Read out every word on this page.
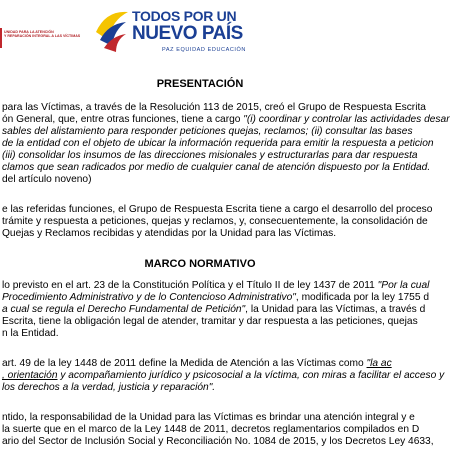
UNIDAD PARA LA ATENCIÓN
Y REPARACIÓN INTEGRAL A LAS VÍCTIMAS
TODOS POR UN
NUEVO PAÍS
PAZ EQUIDAD EDUCACIÓN
PRESENTACIÓN
para las Víctimas, a través de la Resolución 113 de 2015, creó el Grupo de Respuesta Escrita
ón General, que, entre otras funciones, tiene a cargo "(i) coordinar y controlar las actividades desar
sables del alistamiento para responder peticiones quejas, reclamos; (ii) consultar las bases
de la entidad con el objeto de ubicar la información requerida para emitir la respuesta a peticion
(iii) consolidar los insumos de las direcciones misionales y estructurarlas para dar respuesta
clamos que sean radicados por medio de cualquier canal de atención dispuesto por la Entidad.
del artículo noveno)
e las referidas funciones, el Grupo de Respuesta Escrita tiene a cargo el desarrollo del proceso
trámite y respuesta a peticiones, quejas y reclamos, y, consecuentemente, la consolidación de
Quejas y Reclamos recibidas y atendidas por la Unidad para las Víctimas.
MARCO NORMATIVO
lo previsto en el art. 23 de la Constitución Política y el Título II de ley 1437 de 2011 "Por la cual
Procedimiento Administrativo y de lo Contencioso Administrativo", modificada por la ley 1755 d
a cual se regula el Derecho Fundamental de Petición", la Unidad para las Víctimas, a través d
Escrita, tiene la obligación legal de atender, tramitar y dar respuesta a las peticiones, quejas
n la Entidad.
art. 49 de la ley 1448 de 2011 define la Medida de Atención a las Víctimas como "la ac
, orientación y acompañamiento jurídico y psicosocial a la víctima, con miras a facilitar el acceso y
los derechos a la verdad, justicia y reparación".
ntido, la responsabilidad de la Unidad para las Víctimas es brindar una atención integral y e
la suerte que en el marco de la Ley 1448 de 2011, decretos reglamentarios compilados en D
ario del Sector de Inclusión Social y Reconciliación No. 1084 de 2015, y los Decretos Ley 4633,
